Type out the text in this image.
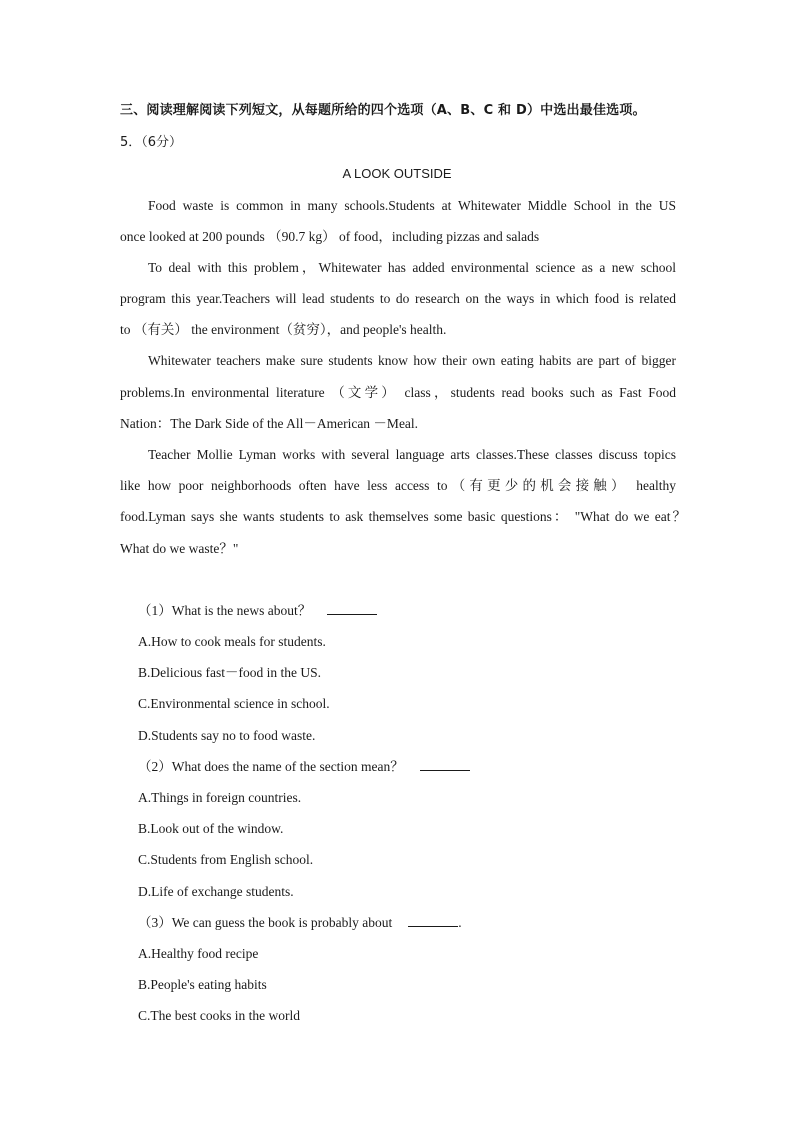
三、阅读理解阅读下列短文，从每题所给的四个选项（A、B、C 和 D）中选出最佳选项。
5．（6分）
A LOOK OUTSIDE
Food waste is common in many schools.Students at Whitewater Middle School in the US
once looked at 200 pounds （90.7 kg） of food，including pizzas and salads
To deal with this problem，Whitewater has added environmental science as a new school
program this year.Teachers will lead students to do research on the ways in which food is related
to （有关） the environment（贫穷），and people's health.
Whitewater teachers make sure students know how their own eating habits are part of bigger
problems.In environmental literature （文学） class，students read books such as Fast Food
Nation：The Dark Side of the All－American －Meal.
Teacher Mollie Lyman works with several language arts classes.These classes discuss topics
like how poor neighborhoods often have less access to（有更少的机会接触） healthy
food.Lyman says she wants students to ask themselves some basic questions： "What do we eat？
What do we waste？"
（1）What is the news about？
A.How to cook meals for students.
B.Delicious fast－food in the US.
C.Environmental science in school.
D.Students say no to food waste.
（2）What does the name of the section mean？
A.Things in foreign countries.
B.Look out of the window.
C.Students from English school.
D.Life of exchange students.
（3）We can guess the book is probably about	.
A.Healthy food recipe
B.People's eating habits
C.The best cooks in the world
